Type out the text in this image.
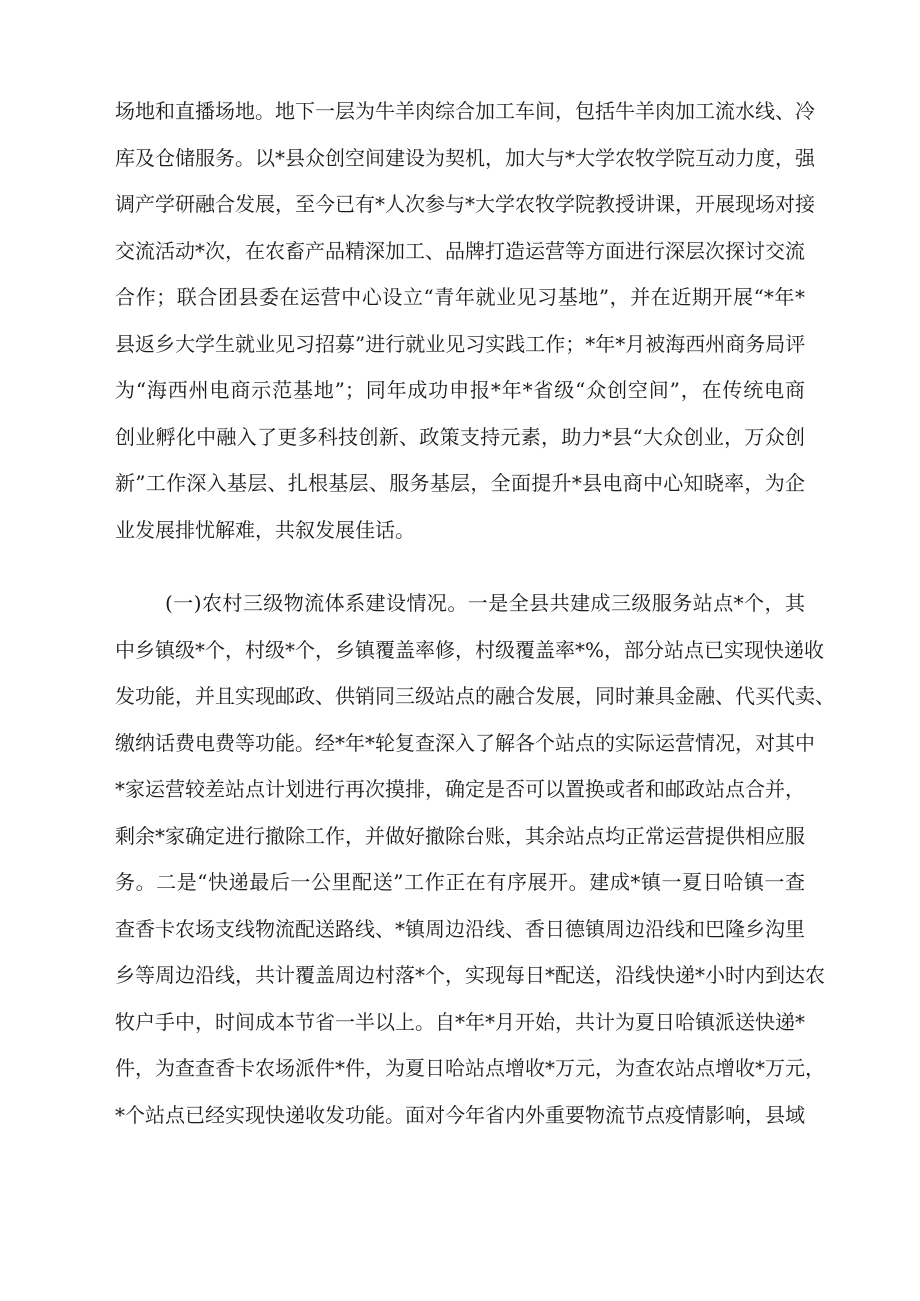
场地和直播场地。地下一层为牛羊肉综合加工车间，包括牛羊肉加工流水线、冷
库及仓储服务。以*县众创空间建设为契机，加大与*大学农牧学院互动力度，强
调产学研融合发展，至今已有*人次参与*大学农牧学院教授讲课，开展现场对接
交流活动*次，在农畜产品精深加工、品牌打造运营等方面进行深层次探讨交流
合作；联合团县委在运营中心设立“青年就业见习基地”，并在近期开展“*年*
县返乡大学生就业见习招募”进行就业见习实践工作；*年*月被海西州商务局评
为“海西州电商示范基地”；同年成功申报*年*省级“众创空间”，在传统电商
创业孵化中融入了更多科技创新、政策支持元素，助力*县“大众创业，万众创
新”工作深入基层、扎根基层、服务基层，全面提升*县电商中心知晓率，为企
业发展排忧解难，共叙发展佳话。
(一)农村三级物流体系建设情况。一是全县共建成三级服务站点*个，其
中乡镇级*个，村级*个，乡镇覆盖率修，村级覆盖率*%，部分站点已实现快递收
发功能，并且实现邮政、供销同三级站点的融合发展，同时兼具金融、代买代卖、
缴纳话费电费等功能。经*年*轮复查深入了解各个站点的实际运营情况，对其中
*家运营较差站点计划进行再次摸排，确定是否可以置换或者和邮政站点合并，
剩余*家确定进行撤除工作，并做好撤除台账，其余站点均正常运营提供相应服
务。二是“快递最后一公里配送”工作正在有序展开。建成*镇一夏日哈镇一查
查香卡农场支线物流配送路线、*镇周边沿线、香日德镇周边沿线和巴隆乡沟里
乡等周边沿线，共计覆盖周边村落*个，实现每日*配送，沿线快递*小时内到达农
牧户手中，时间成本节省一半以上。自*年*月开始，共计为夏日哈镇派送快递*
件，为查查香卡农场派件*件，为夏日哈站点增收*万元，为查农站点增收*万元，
*个站点已经实现快递收发功能。面对今年省内外重要物流节点疫情影响，县域
